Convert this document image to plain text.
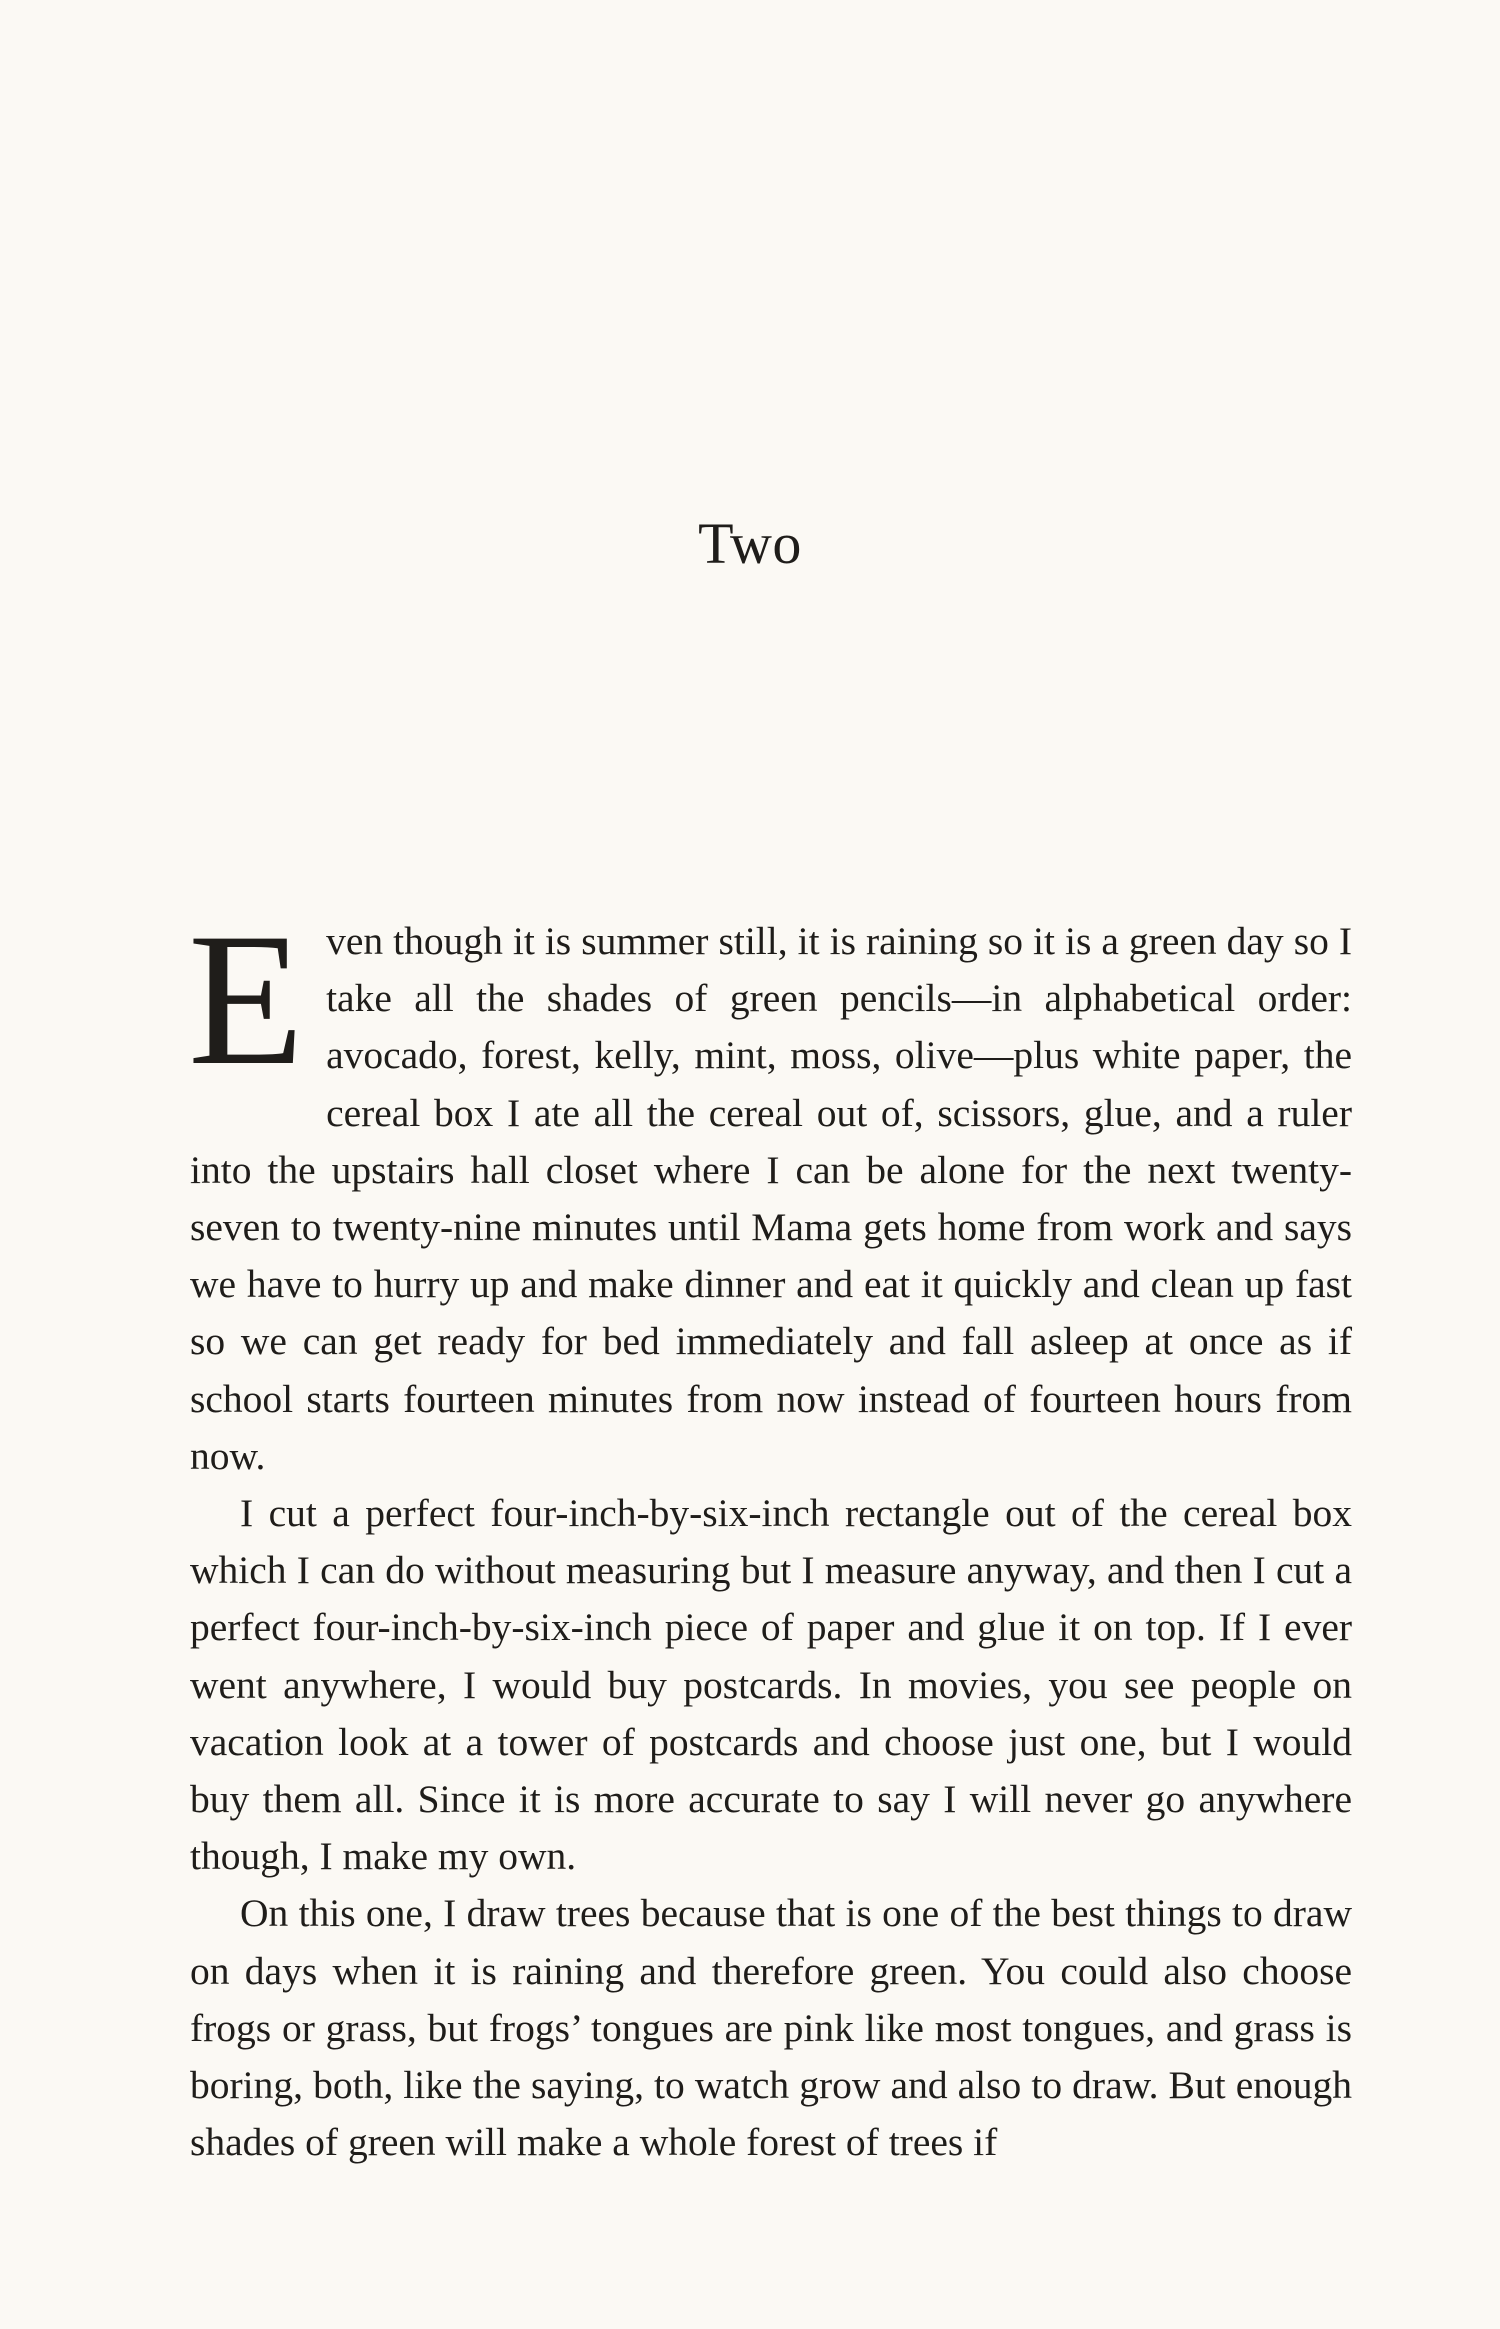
Two

Even though it is summer still, it is raining so it is a green day so I take all the shades of green pencils—in alphabetical order: avocado, forest, kelly, mint, moss, olive—plus white paper, the cereal box I ate all the cereal out of, scissors, glue, and a ruler into the upstairs hall closet where I can be alone for the next twenty-seven to twenty-nine minutes until Mama gets home from work and says we have to hurry up and make dinner and eat it quickly and clean up fast so we can get ready for bed immediately and fall asleep at once as if school starts fourteen minutes from now instead of fourteen hours from now.

I cut a perfect four-inch-by-six-inch rectangle out of the cereal box which I can do without measuring but I measure anyway, and then I cut a perfect four-inch-by-six-inch piece of paper and glue it on top. If I ever went anywhere, I would buy postcards. In movies, you see people on vacation look at a tower of postcards and choose just one, but I would buy them all. Since it is more accurate to say I will never go anywhere though, I make my own.

On this one, I draw trees because that is one of the best things to draw on days when it is raining and therefore green. You could also choose frogs or grass, but frogs’ tongues are pink like most tongues, and grass is boring, both, like the saying, to watch grow and also to draw. But enough shades of green will make a whole forest of trees if
